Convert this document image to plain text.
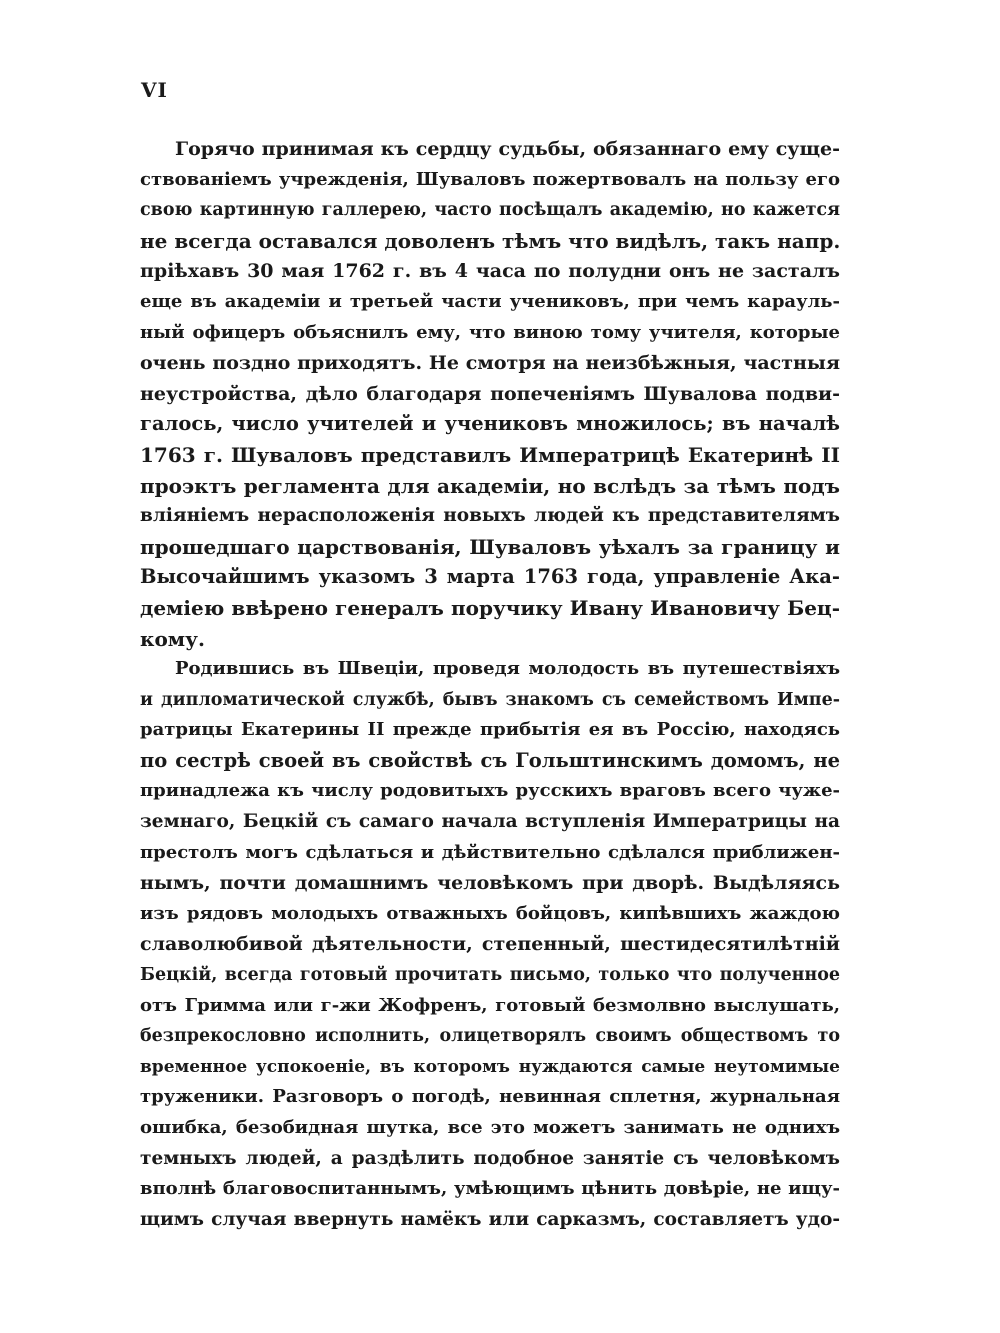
VI
Горячо принимая къ сердцу судьбы, обязаннаго ему суще-
ствованіемъ учрежденія, Шуваловъ пожертвовалъ на пользу его
свою картинную галлерею, часто посѣщалъ академію, но кажется
не всегда оставался доволенъ тѣмъ что видѣлъ, такъ напр.
пріѣхавъ 30 мая 1762 г. въ 4 часа по полудни онъ не засталъ
еще въ академіи и третьей части учениковъ, при чемъ карауль-
ный офицеръ объяснилъ ему, что виною тому учителя, которые
очень поздно приходятъ. Не смотря на неизбѣжныя, частныя
неустройства, дѣло благодаря попеченіямъ Шувалова подви-
галось, число учителей и учениковъ множилось; въ началѣ
1763 г. Шуваловъ представилъ Императрицѣ Екатеринѣ II
проэктъ регламента для академіи, но вслѣдъ за тѣмъ подъ
вліяніемъ нерасположенія новыхъ людей къ представителямъ
прошедшаго царствованія, Шуваловъ уѣхалъ за границу и
Высочайшимъ указомъ 3 марта 1763 года, управленіе Ака-
деміею ввѣрено генералъ поручику Ивану Ивановичу Бец-
кому.
Родившись въ Швеціи, проведя молодость въ путешествіяхъ
и дипломатической службѣ, бывъ знакомъ съ семействомъ Импе-
ратрицы Екатерины II прежде прибытія ея въ Россію, находясь
по сестрѣ своей въ свойствѣ съ Гольштинскимъ домомъ, не
принадлежа къ числу родовитыхъ русскихъ враговъ всего чуже-
земнаго, Бецкій съ самаго начала вступленія Императрицы на
престолъ могъ сдѣлаться и дѣйствительно сдѣлался приближен-
нымъ, почти домашнимъ человѣкомъ при дворѣ. Выдѣляясь
изъ рядовъ молодыхъ отважныхъ бойцовъ, кипѣвшихъ жаждою
славолюбивой дѣятельности, степенный, шестидесятилѣтній
Бецкій, всегда готовый прочитать письмо, только что полученное
отъ Гримма или г-жи Жофренъ, готовый безмолвно выслушать,
безпрекословно исполнить, олицетворялъ своимъ обществомъ то
временное успокоеніе, въ которомъ нуждаются самые неутомимые
труженики. Разговоръ о погодѣ, невинная сплетня, журнальная
ошибка, безобидная шутка, все это можетъ занимать не однихъ
темныхъ людей, а раздѣлить подобное занятіе съ человѣкомъ
вполнѣ благовоспитаннымъ, умѣющимъ цѣнить довѣріе, не ищу-
щимъ случая ввернуть намёкъ или сарказмъ, составляетъ удо-
